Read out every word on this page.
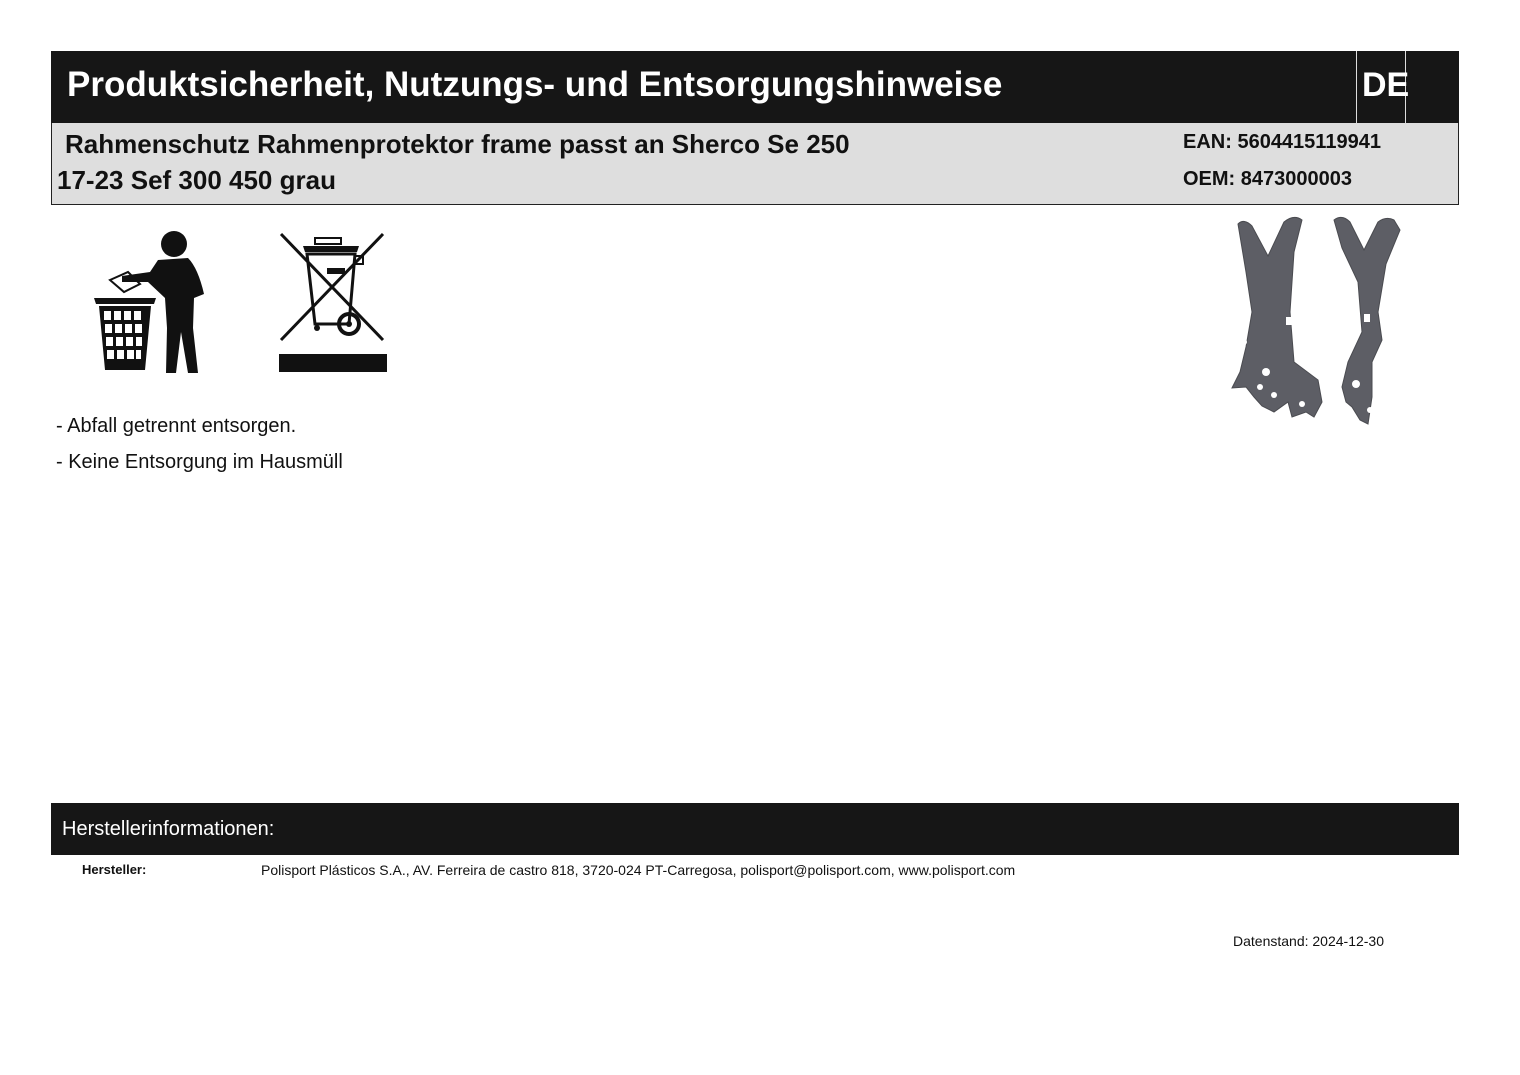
Produktsicherheit, Nutzungs- und Entsorgungshinweise	DE
Rahmenschutz Rahmenprotektor frame passt an Sherco Se 250
17-23 Sef 300 450 grau
EAN: 5604415119941
OEM: 8473000003
- Abfall getrennt entsorgen.
- Keine Entsorgung im Hausmüll
Herstellerinformationen:
Hersteller:	Polisport Plásticos S.A., AV. Ferreira de castro 818, 3720-024 PT-Carregosa, polisport@polisport.com, www.polisport.com
Datenstand: 2024-12-30
